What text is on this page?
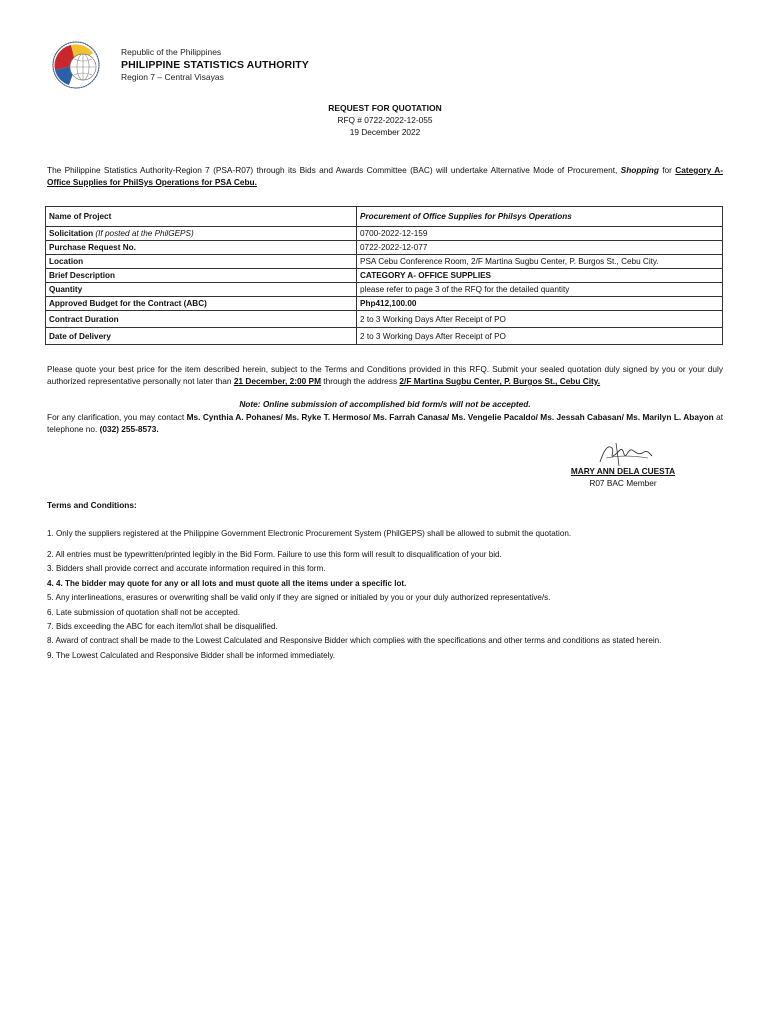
Republic of the Philippines
PHILIPPINE STATISTICS AUTHORITY
Region 7 – Central Visayas
REQUEST FOR QUOTATION
RFQ # 0722-2022-12-055
19 December 2022
The Philippine Statistics Authority-Region 7 (PSA-R07) through its Bids and Awards Committee (BAC) will undertake Alternative Mode of Procurement, Shopping for Category A- Office Supplies for PhilSys Operations for PSA Cebu.
Name of Project	Procurement of Office Supplies for Philsys Operations
Solicitation (If posted at the PhilGEPS)	0700-2022-12-159
Purchase Request No.	0722-2022-12-077
Location	PSA Cebu Conference Room, 2/F Martina Sugbu Center, P. Burgos St., Cebu City.
Brief Description	CATEGORY A- OFFICE SUPPLIES
Quantity	please refer to page 3 of the RFQ for the detailed quantity
Approved Budget for the Contract (ABC)	Php412,100.00
Contract Duration	2 to 3 Working Days After Receipt of PO
Date of Delivery	2 to 3 Working Days After Receipt of PO
Please quote your best price for the item described herein, subject to the Terms and Conditions provided in this RFQ. Submit your sealed quotation duly signed by you or your duly authorized representative personally not later than 21 December, 2:00 PM through the address 2/F Martina Sugbu Center, P. Burgos St., Cebu City.
Note: Online submission of accomplished bid form/s will not be accepted.
For any clarification, you may contact Ms. Cynthia A. Pohanes/ Ms. Ryke T. Hermoso/ Ms. Farrah Canasa/ Ms. Vengelie Pacaldo/ Ms. Jessah Cabasan/ Ms. Marilyn L. Abayon at telephone no. (032) 255-8573.
MARY ANN DELA CUESTA
R07 BAC Member
Terms and Conditions:
1. Only the suppliers registered at the Philippine Government Electronic Procurement System (PhilGEPS) shall be allowed to submit the quotation.
2. All entries must be typewritten/printed legibly in the Bid Form. Failure to use this form will result to disqualification of your bid.
3. Bidders shall provide correct and accurate information required in this form.
4. 4. The bidder may quote for any or all lots and must quote all the items under a specific lot.
5. Any interlineations, erasures or overwriting shall be valid only if they are signed or initialed by you or your duly authorized representative/s.
6. Late submission of quotation shall not be accepted.
7. Bids exceeding the ABC for each item/lot shall be disqualified.
8. Award of contract shall be made to the Lowest Calculated and Responsive Bidder which complies with the specifications and other terms and conditions as stated herein.
9. The Lowest Calculated and Responsive Bidder shall be informed immediately.
